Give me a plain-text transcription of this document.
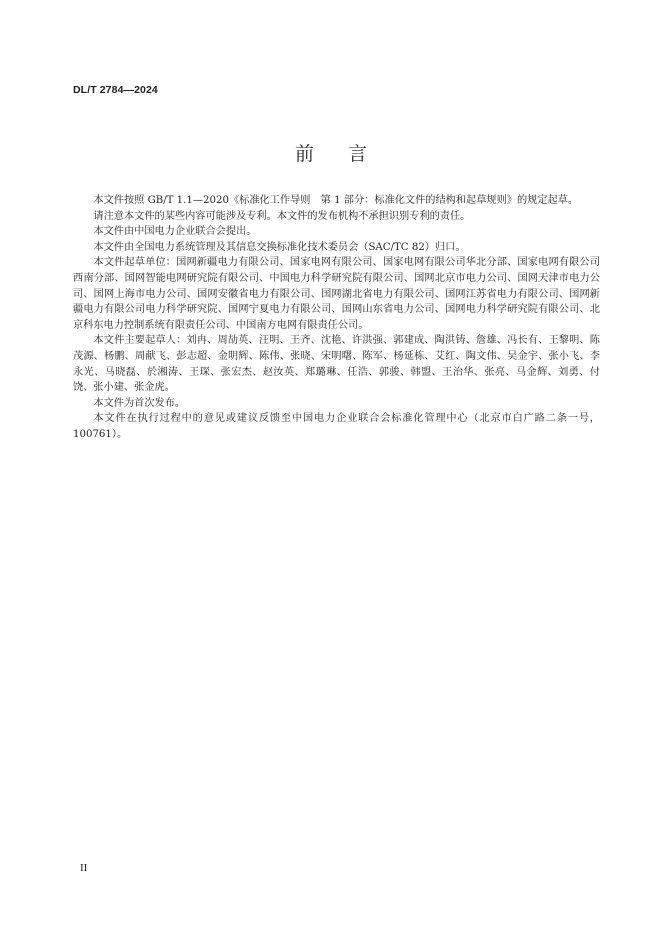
DL/T 2784—2024
前言

本文件按照 GB/T 1.1—2020《标准化工作导则　第 1 部分：标准化文件的结构和起草规则》的规定起草。

请注意本文件的某些内容可能涉及专利。本文件的发布机构不承担识别专利的责任。

本文件由中国电力企业联合会提出。

本文件由全国电力系统管理及其信息交换标准化技术委员会（SAC/TC 82）归口。

本文件起草单位：国网新疆电力有限公司、国家电网有限公司、国家电网有限公司华北分部、国家电网有限公司西南分部、国网智能电网研究院有限公司、中国电力科学研究院有限公司、国网北京市电力公司、国网天津市电力公司、国网上海市电力公司、国网安徽省电力有限公司、国网湖北省电力有限公司、国网江苏省电力有限公司、国网新疆电力有限公司电力科学研究院、国网宁夏电力有限公司、国网山东省电力公司、国网电力科学研究院有限公司、北京科东电力控制系统有限责任公司、中国南方电网有限责任公司。

本文件主要起草人：刘冉、周劼英、汪明、王齐、沈艳、许洪强、郭建成、陶洪铸、詹雄、冯长有、王黎明、陈茂源、杨鹏、周献飞、彭志超、金明辉、陈伟、张晓、宋明曙、陈军、杨延栋、艾红、陶文伟、吴金宇、张小飞、李永光、马晓磊、於湘涛、王琛、张宏杰、赵汝英、郑璐琳、任浩、郭骏、韩盟、王治华、张亮、马金辉、刘勇、付饶、张小建、张金虎。

本文件为首次发布。

本文件在执行过程中的意见或建议反馈至中国电力企业联合会标准化管理中心（北京市白广路二条一号，100761）。

II
